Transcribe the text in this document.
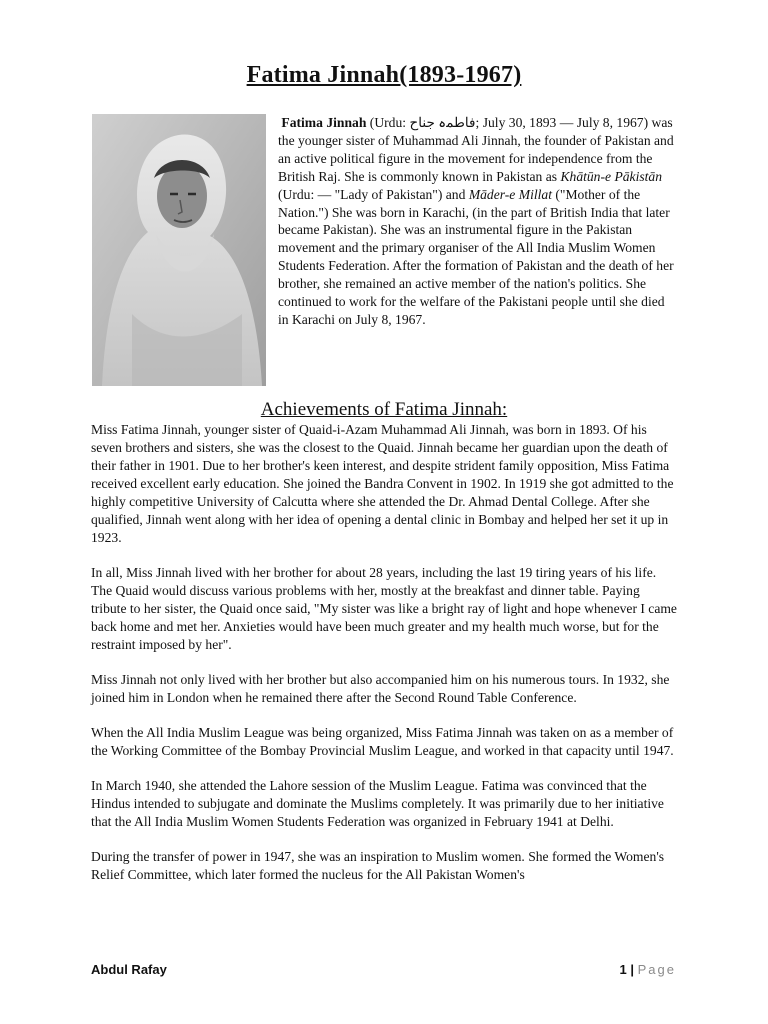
Fatima Jinnah(1893-1967)

Fatima Jinnah (Urdu: ﻓﺎﻃﻤہ ﺟﻨﺎﺡ; July 30, 1893 — July 8, 1967) was the younger sister of Muhammad Ali Jinnah, the founder of Pakistan and an active political figure in the movement for independence from the British Raj. She is commonly known in Pakistan as Khātūn-e Pākistān (Urdu: — "Lady of Pakistan") and Māder-e Millat ("Mother of the Nation.") She was born in Karachi, (in the part of British India that later became Pakistan). She was an instrumental figure in the Pakistan movement and the primary organiser of the All India Muslim Women Students Federation. After the formation of Pakistan and the death of her brother, she remained an active member of the nation's politics. She continued to work for the welfare of the Pakistani people until she died in Karachi on July 8, 1967.

Achievements of Fatima Jinnah:

Miss Fatima Jinnah, younger sister of Quaid-i-Azam Muhammad Ali Jinnah, was born in 1893. Of his seven brothers and sisters, she was the closest to the Quaid. Jinnah became her guardian upon the death of their father in 1901. Due to her brother's keen interest, and despite strident family opposition, Miss Fatima received excellent early education. She joined the Bandra Convent in 1902. In 1919 she got admitted to the highly competitive University of Calcutta where she attended the Dr. Ahmad Dental College. After she qualified, Jinnah went along with her idea of opening a dental clinic in Bombay and helped her set it up in 1923.

In all, Miss Jinnah lived with her brother for about 28 years, including the last 19 tiring years of his life. The Quaid would discuss various problems with her, mostly at the breakfast and dinner table. Paying tribute to her sister, the Quaid once said, "My sister was like a bright ray of light and hope whenever I came back home and met her. Anxieties would have been much greater and my health much worse, but for the restraint imposed by her".

Miss Jinnah not only lived with her brother but also accompanied him on his numerous tours. In 1932, she joined him in London when he remained there after the Second Round Table Conference.

When the All India Muslim League was being organized, Miss Fatima Jinnah was taken on as a member of the Working Committee of the Bombay Provincial Muslim League, and worked in that capacity until 1947.

In March 1940, she attended the Lahore session of the Muslim League. Fatima was convinced that the Hindus intended to subjugate and dominate the Muslims completely. It was primarily due to her initiative that the All India Muslim Women Students Federation was organized in February 1941 at Delhi.

During the transfer of power in 1947, she was an inspiration to Muslim women. She formed the Women's Relief Committee, which later formed the nucleus for the All Pakistan Women's

Abdul Rafay	1 | Page
